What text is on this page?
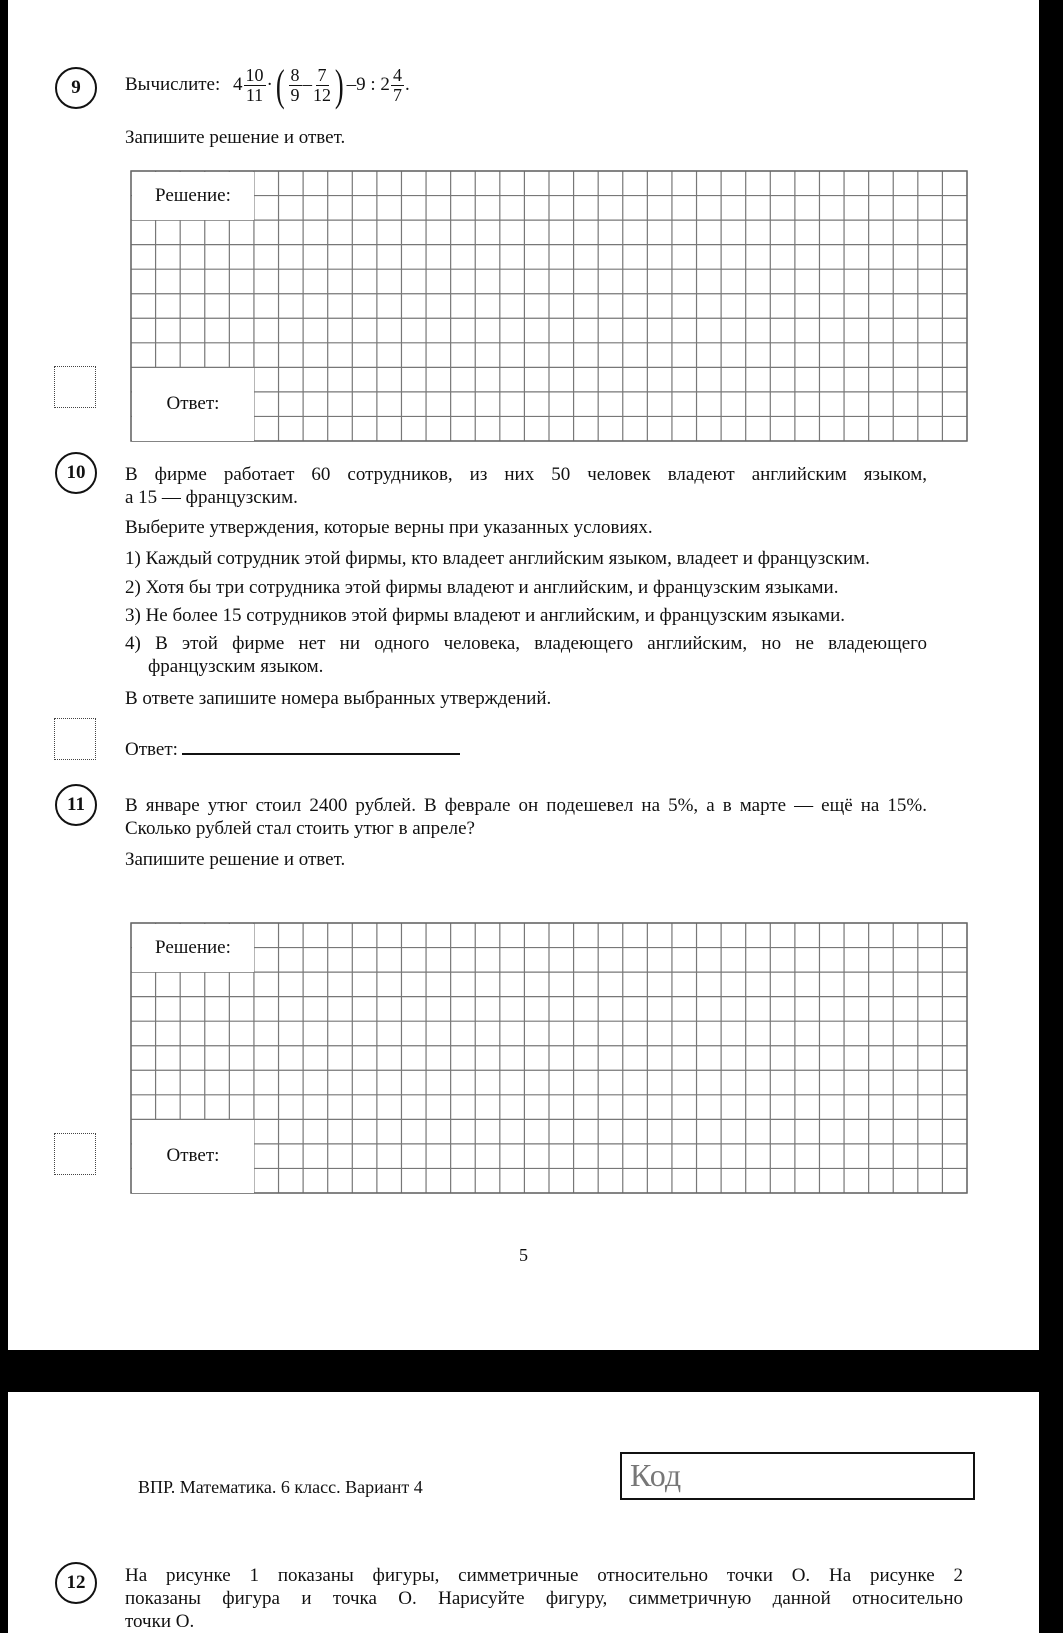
9 Вычислите: $4 \frac{10}{11}$ ·( $\frac{8}{9} - \frac{7}{12}$ ) –9 : $2 \frac{4}{7}$ .
Запишите решение и ответ.
Решение:
Ответ:
10 В фирме работает 60 сотрудников, из них 50 человек владеют английским языком,
а 15 — французским.
Выберите утверждения, которые верны при указанных условиях.
1) Каждый сотрудник этой фирмы, кто владеет английским языком, владеет и французским.
2) Хотя бы три сотрудника этой фирмы владеют и английским, и французским языками.
3) Не более 15 сотрудников этой фирмы владеют и английским, и французским языками.
4) В этой фирме нет ни одного человека, владеющего английским, но не владеющего
французским языком.
В ответе запишите номера выбранных утверждений.
Ответ:
11 В январе утюг стоил 2400 рублей. В феврале он подешевел на 5%, а в марте — ещё на 15%.
Сколько рублей стал стоить утюг в апреле?
Запишите решение и ответ.
Решение:
Ответ:
5
ВПР. Математика. 6 класс. Вариант 4	Код
12 На рисунке 1 показаны фигуры, симметричные относительно точки O. На рисунке 2
показаны фигура и точка O. Нарисуйте фигуру, симметричную данной относительно
точки O.
